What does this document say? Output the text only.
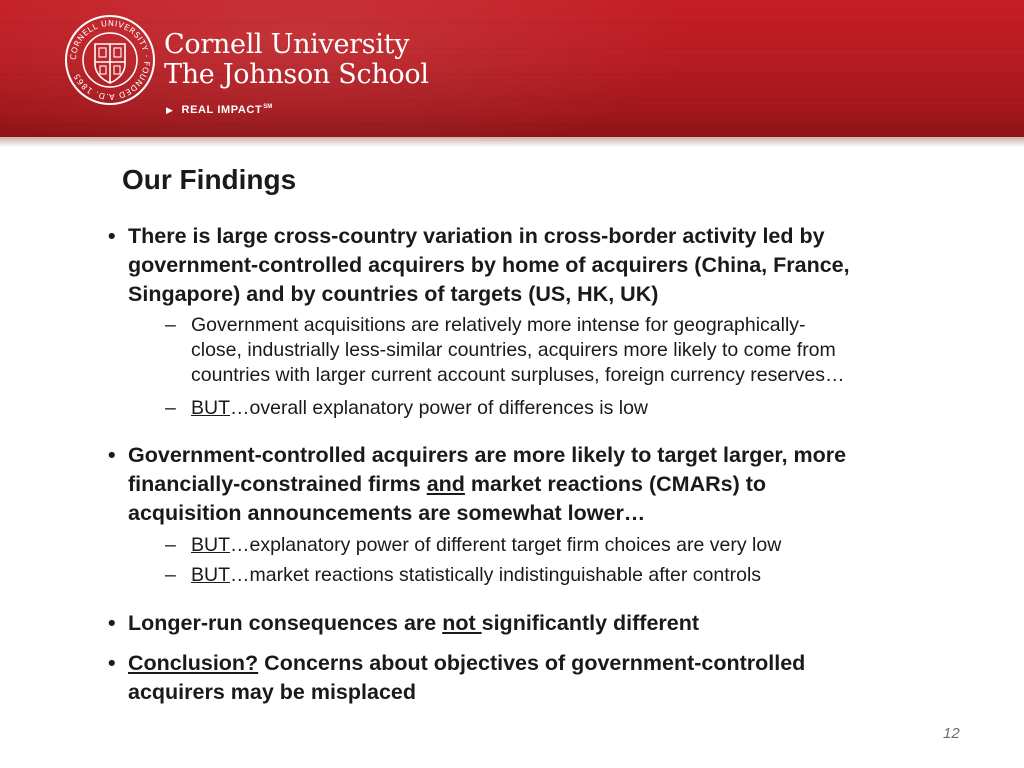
CORNELL UNIVERSITY · FOUNDED A.D. 1865
Cornell University
The Johnson School
▶ REAL IMPACT℠
Our Findings
• There is large cross-country variation in cross-border activity led by
government-controlled acquirers by home of acquirers (China, France,
Singapore) and by countries of targets (US, HK, UK)
– Government acquisitions are relatively more intense for geographically-
close, industrially less-similar countries, acquirers more likely to come from
countries with larger current account surpluses, foreign currency reserves…
– BUT…overall explanatory power of differences is low
• Government-controlled acquirers are more likely to target larger, more
financially-constrained firms and market reactions (CMARs) to
acquisition announcements are somewhat lower…
– BUT…explanatory power of different target firm choices are very low
– BUT…market reactions statistically indistinguishable after controls
• Longer-run consequences are not significantly different
• Conclusion? Concerns about objectives of government-controlled
acquirers may be misplaced
12
